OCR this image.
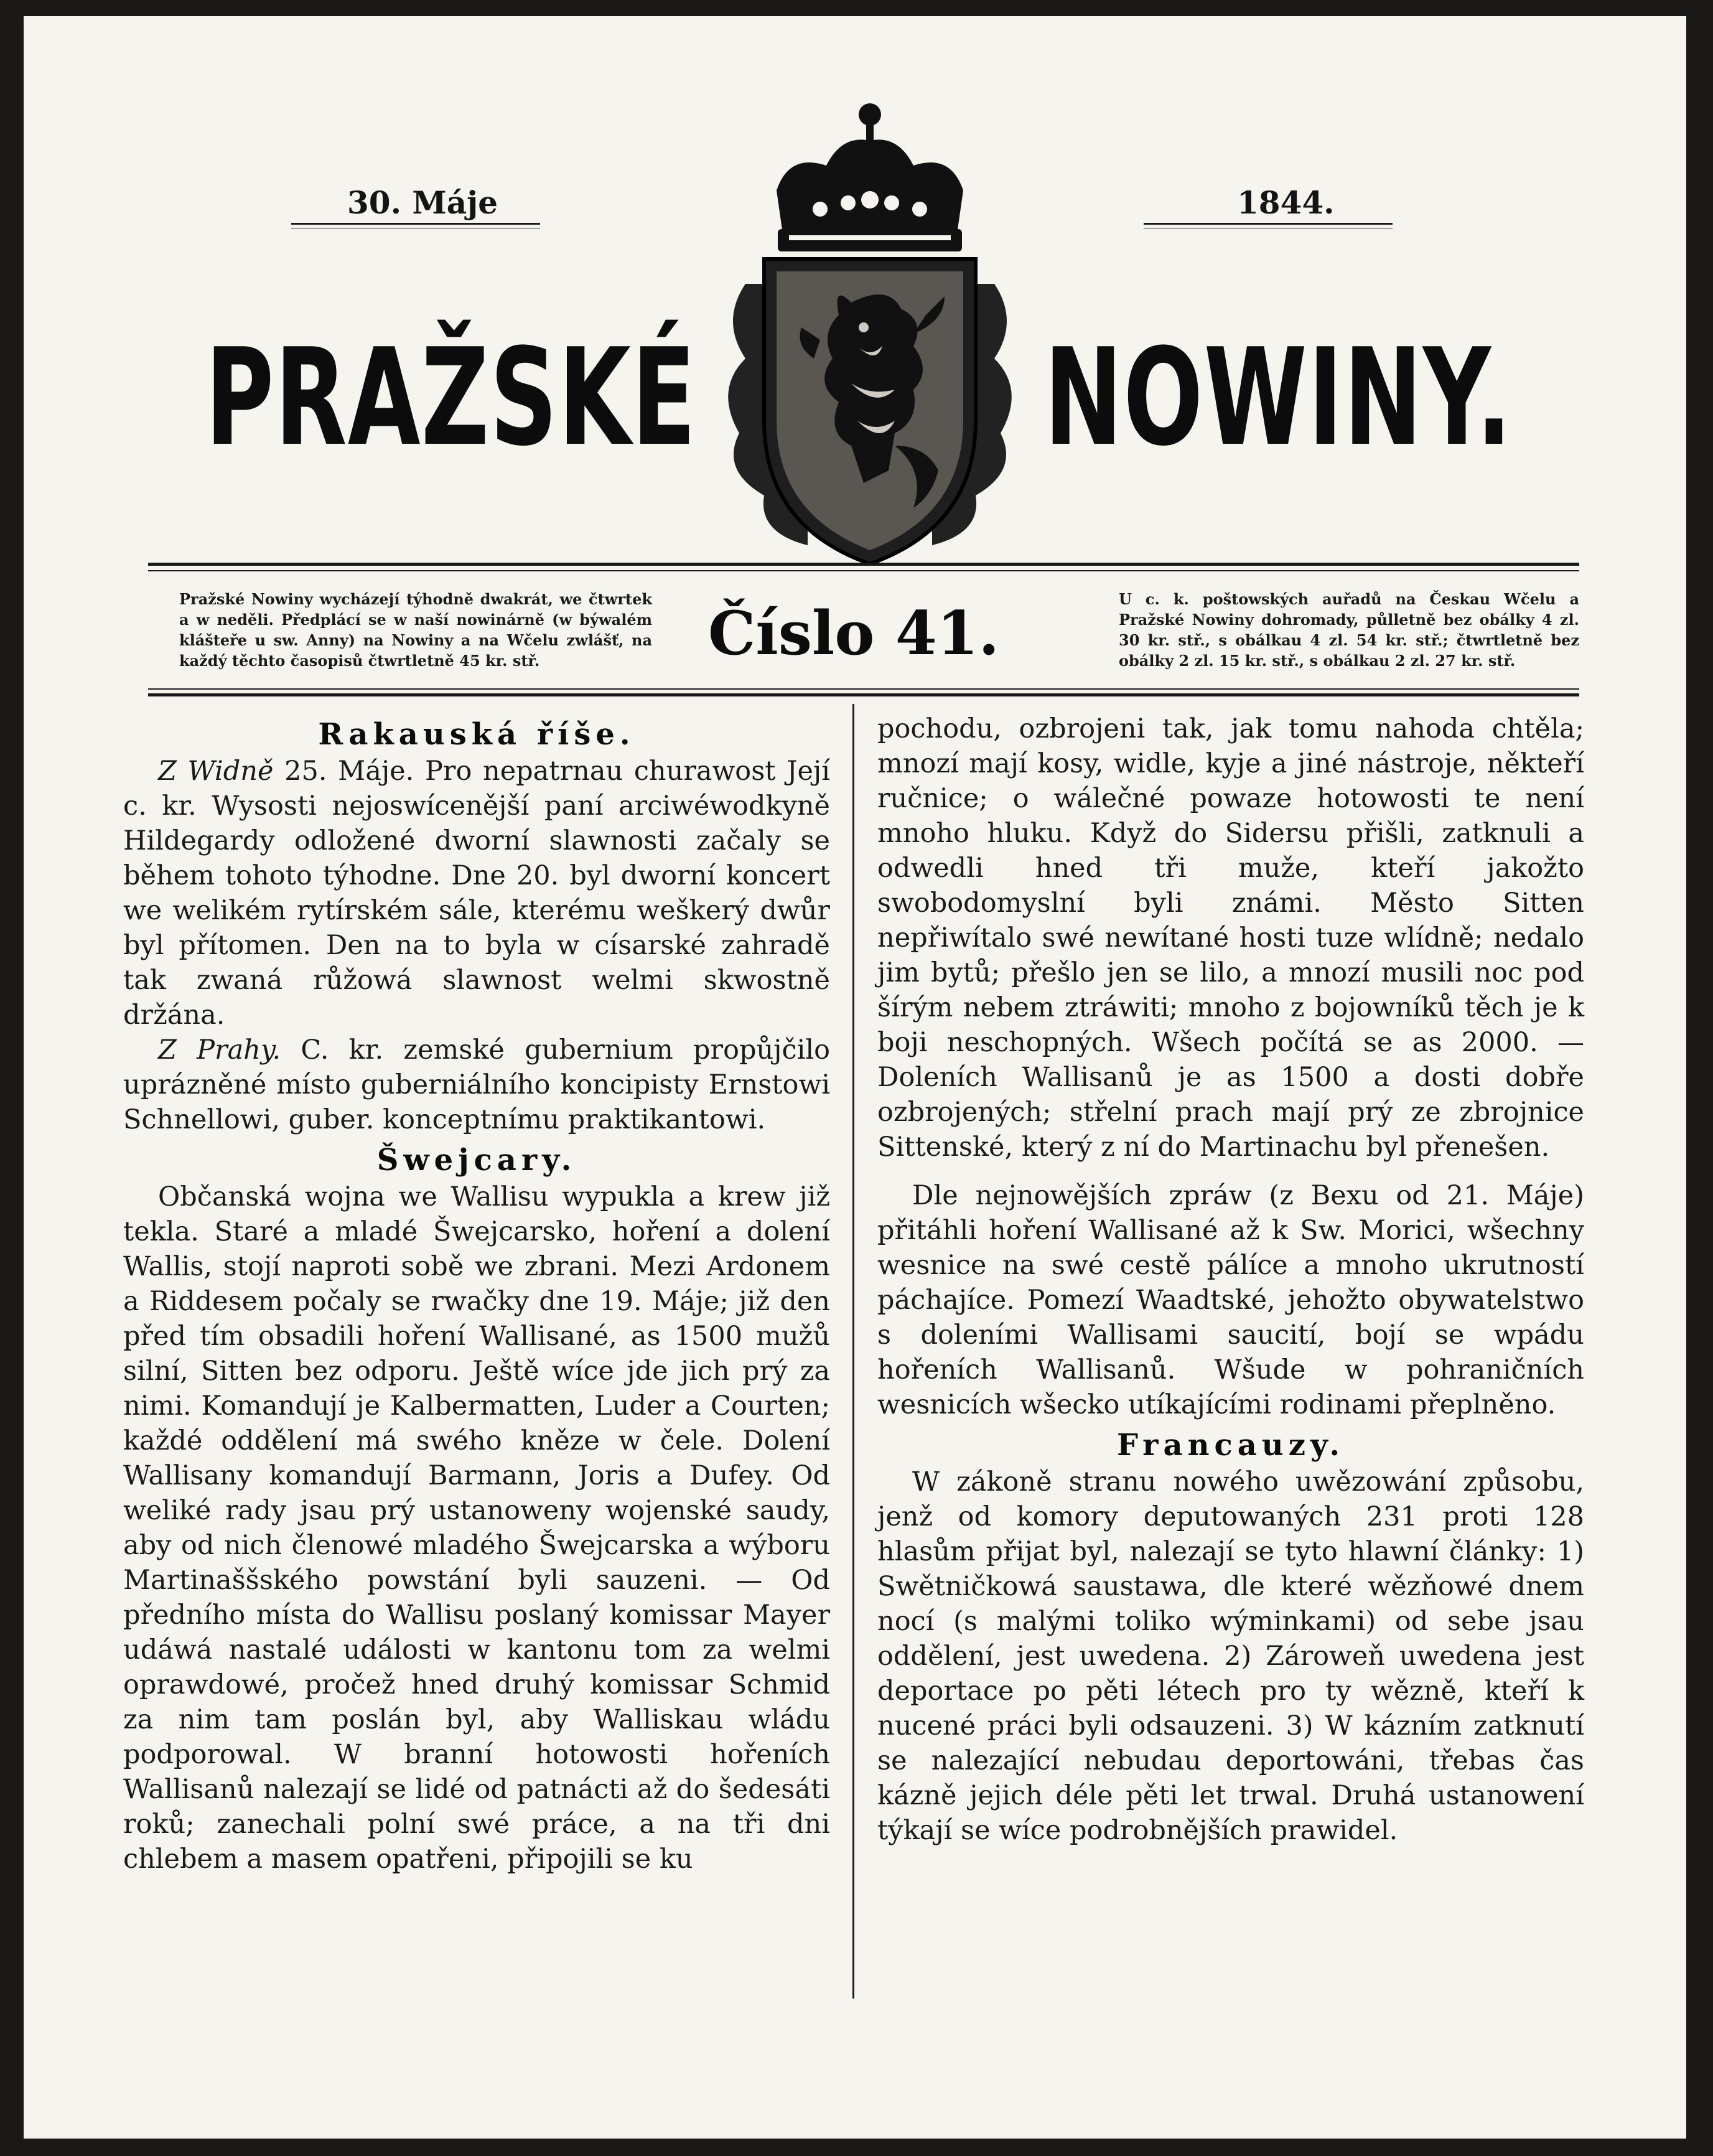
30. Máje	1844.
PRAŽSKÉ	NOWINY.
Pražské Nowiny wycházejí týhodně dwakrát, we čtwrtek a w neděli. Předplácí se w naší nowinárně (w býwalém klášteře u sw. Anny) na Nowiny a na Wčelu zwlášť, na každý těchto časopisů čtwrtletně 45 kr. stř.	Číslo 41.	U c. k. poštowských auřadů na Českau Wčelu a Pražské Nowiny dohromady, půlletně bez obálky 4 zl. 30 kr. stř., s obálkau 4 zl. 54 kr. stř.; čtwrtletně bez obálky 2 zl. 15 kr. stř., s obálkau 2 zl. 27 kr. stř.
Rakauská říše.

Z Widně 25. Máje. Pro nepatrnau churawost Její c. kr. Wysosti nejoswícenější paní arciwéwodkyně Hildegardy odložené dworní slawnosti začaly se během tohoto týhodne. Dne 20. byl dworní koncert we welikém rytírském sále, kterému weškerý dwůr byl přítomen. Den na to byla w císarské zahradě tak zwaná růžowá slawnost welmi skwostně držána.

Z Prahy. C. kr. zemské gubernium propůjčilo uprázněné místo guberniálního koncipisty Ernstowi Schnellowi, guber. konceptnímu praktikantowi.

Šwejcary.

Občanská wojna we Wallisu wypukla a krew již tekla. Staré a mladé Šwejcarsko, hoření a dolení Wallis, stojí naproti sobě we zbrani. Mezi Ardonem a Riddesem počaly se rwačky dne 19. Máje; již den před tím obsadili hoření Wallisané, as 1500 mužů silní, Sitten bez odporu. Ještě wíce jde jich prý za nimi. Komandují je Kalbermatten, Luder a Courten; každé oddělení má swého kněze w čele. Dolení Wallisany komandují Barmann, Joris a Dufey. Od weliké rady jsau prý ustanoweny wojenské saudy, aby od nich členowé mladého Šwejcarska a wýboru Martinaššského powstání byli sauzeni. — Od předního místa do Wallisu poslaný komissar Mayer udáwá nastalé události w kantonu tom za welmi oprawdowé, pročež hned druhý komissar Schmid za nim tam poslán byl, aby Walliskau wládu podporowal. W branní hotowosti hořeních Wallisanů nalezají se lidé od patnácti až do šedesáti roků; zanechali polní swé práce, a na tři dni chlebem a masem opatřeni, připojili se ku

pochodu, ozbrojeni tak, jak tomu nahoda chtěla; mnozí mají kosy, widle, kyje a jiné nástroje, někteří ručnice; o wálečné powaze hotowosti te není mnoho hluku. Když do Sidersu přišli, zatknuli a odwedli hned tři muže, kteří jakožto swobodomyslní byli známi. Město Sitten nepřiwítalo swé newítané hosti tuze wlídně; nedalo jim bytů; přešlo jen se lilo, a mnozí musili noc pod šírým nebem ztráwiti; mnoho z bojowníků těch je k boji neschopných. Wšech počítá se as 2000. — Doleních Wallisanů je as 1500 a dosti dobře ozbrojených; střelní prach mají prý ze zbrojnice Sittenské, který z ní do Martinachu byl přenešen.

Dle nejnowějších zpráw (z Bexu od 21. Máje) přitáhli hoření Wallisané až k Sw. Morici, wšechny wesnice na swé cestě pálíce a mnoho ukrutností páchajíce. Pomezí Waadtské, jehožto obywatelstwo s doleními Wallisami saucití, bojí se wpádu hořeních Wallisanů. Wšude w pohraničních wesnicích wšecko utíkajícími rodinami přeplněno.

Francauzy.

W zákoně stranu nowého uwězowání způsobu, jenž od komory deputowaných 231 proti 128 hlasům přijat byl, nalezají se tyto hlawní články: 1) Swětničkowá saustawa, dle které wězňowé dnem nocí (s malými toliko wýminkami) od sebe jsau oddělení, jest uwedena. 2) Zároweň uwedena jest deportace po pěti létech pro ty wězně, kteří k nucené práci byli odsauzeni. 3) W kázním zatknutí se nalezající nebudau deportowáni, třebas čas kázně jejich déle pěti let trwal. Druhá ustanowení týkají se wíce podrobnějších prawidel.
